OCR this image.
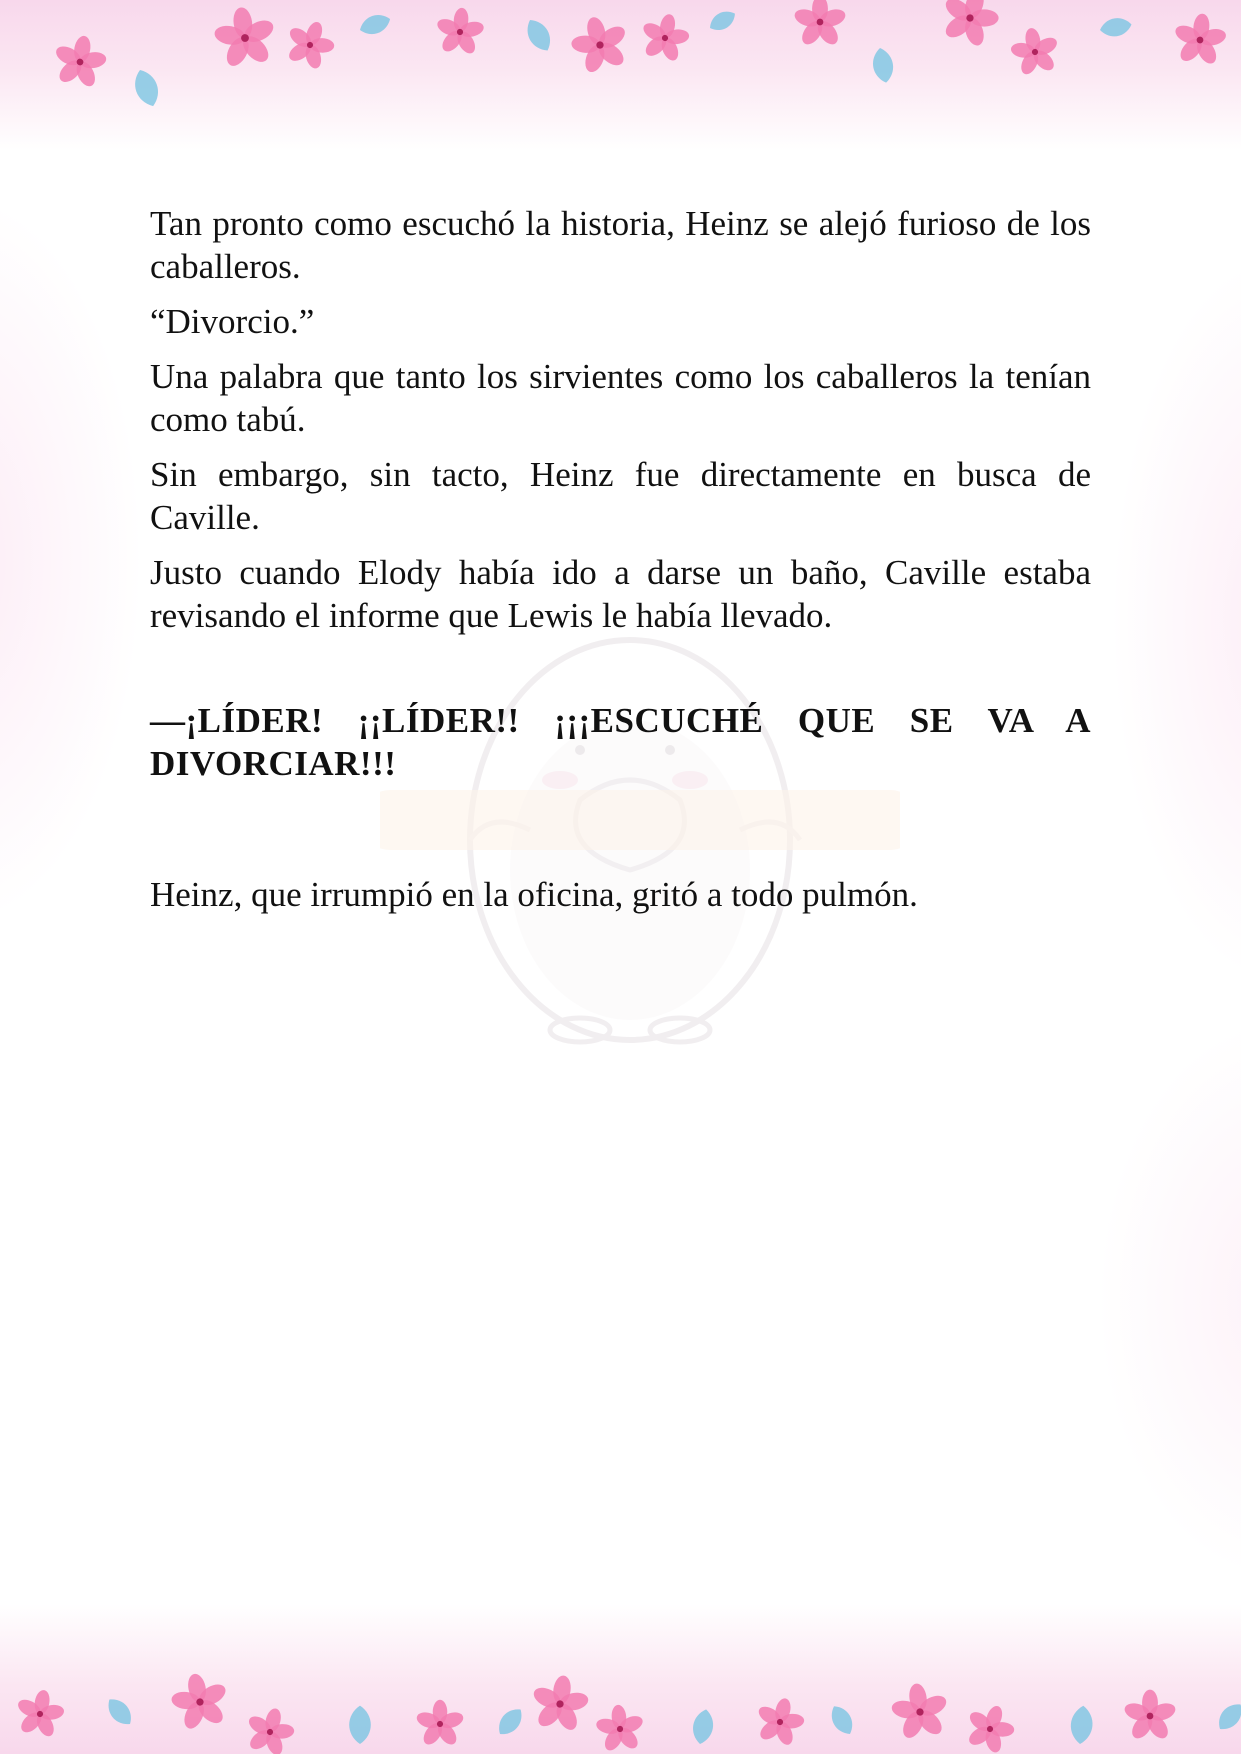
Tan pronto como escuchó la historia, Heinz se alejó furioso de los caballeros.

“Divorcio.”

Una palabra que tanto los sirvientes como los caballeros la tenían como tabú.

Sin embargo, sin tacto, Heinz fue directamente en busca de Caville.

Justo cuando Elody había ido a darse un baño, Caville estaba revisando el informe que Lewis le había llevado.

—¡LÍDER! ¡¡LÍDER!! ¡¡¡ESCUCHÉ QUE SE VA A DIVORCIAR!!!

Heinz, que irrumpió en la oficina, gritó a todo pulmón.
